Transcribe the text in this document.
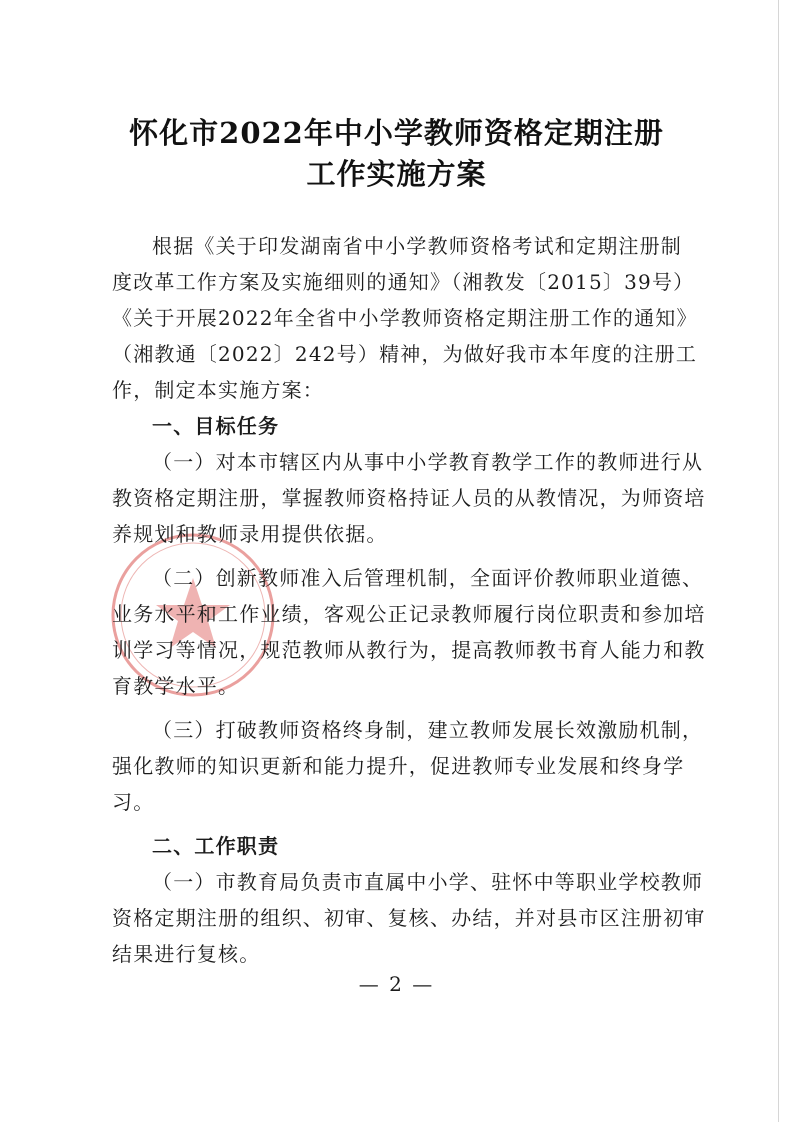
怀化市2022年中小学教师资格定期注册
工作实施方案
根据《关于印发湖南省中小学教师资格考试和定期注册制
度改革工作方案及实施细则的通知》（湘教发〔2015〕39号）
《关于开展2022年全省中小学教师资格定期注册工作的通知》
（湘教通〔2022〕242号）精神，为做好我市本年度的注册工
作，制定本实施方案：
一、目标任务
（一）对本市辖区内从事中小学教育教学工作的教师进行从
教资格定期注册，掌握教师资格持证人员的从教情况，为师资培
养规划和教师录用提供依据。
（二）创新教师准入后管理机制，全面评价教师职业道德、
业务水平和工作业绩，客观公正记录教师履行岗位职责和参加培
训学习等情况，规范教师从教行为，提高教师教书育人能力和教
育教学水平。
（三）打破教师资格终身制，建立教师发展长效激励机制，
强化教师的知识更新和能力提升，促进教师专业发展和终身学
习。
二、工作职责
（一）市教育局负责市直属中小学、驻怀中等职业学校教师
资格定期注册的组织、初审、复核、办结，并对县市区注册初审
结果进行复核。
— 2 —
